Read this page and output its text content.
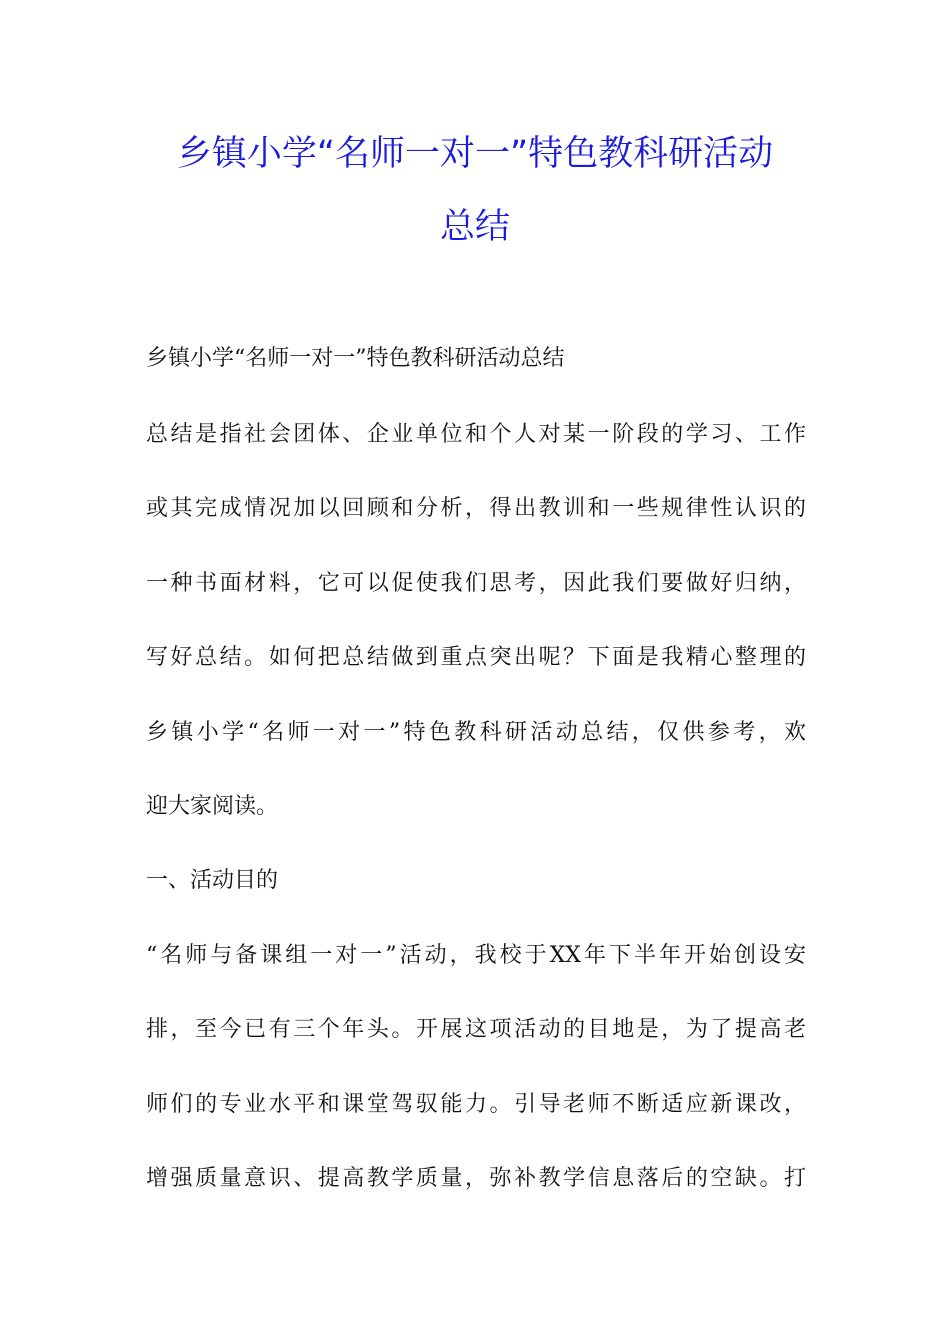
乡镇小学“名师一对一”特色教科研活动
总结
乡镇小学“名师一对一”特色教科研活动总结
总结是指社会团体、企业单位和个人对某一阶段的学习、工作
或其完成情况加以回顾和分析，得出教训和一些规律性认识的
一种书面材料，它可以促使我们思考，因此我们要做好归纳，
写好总结。如何把总结做到重点突出呢？下面是我精心整理的
乡镇小学“名师一对一”特色教科研活动总结，仅供参考，欢
迎大家阅读。
一、活动目的
“名师与备课组一对一”活动，我校于XX年下半年开始创设安
排，至今已有三个年头。开展这项活动的目地是，为了提高老
师们的专业水平和课堂驾驭能力。引导老师不断适应新课改，
增强质量意识、提高教学质量，弥补教学信息落后的空缺。打
